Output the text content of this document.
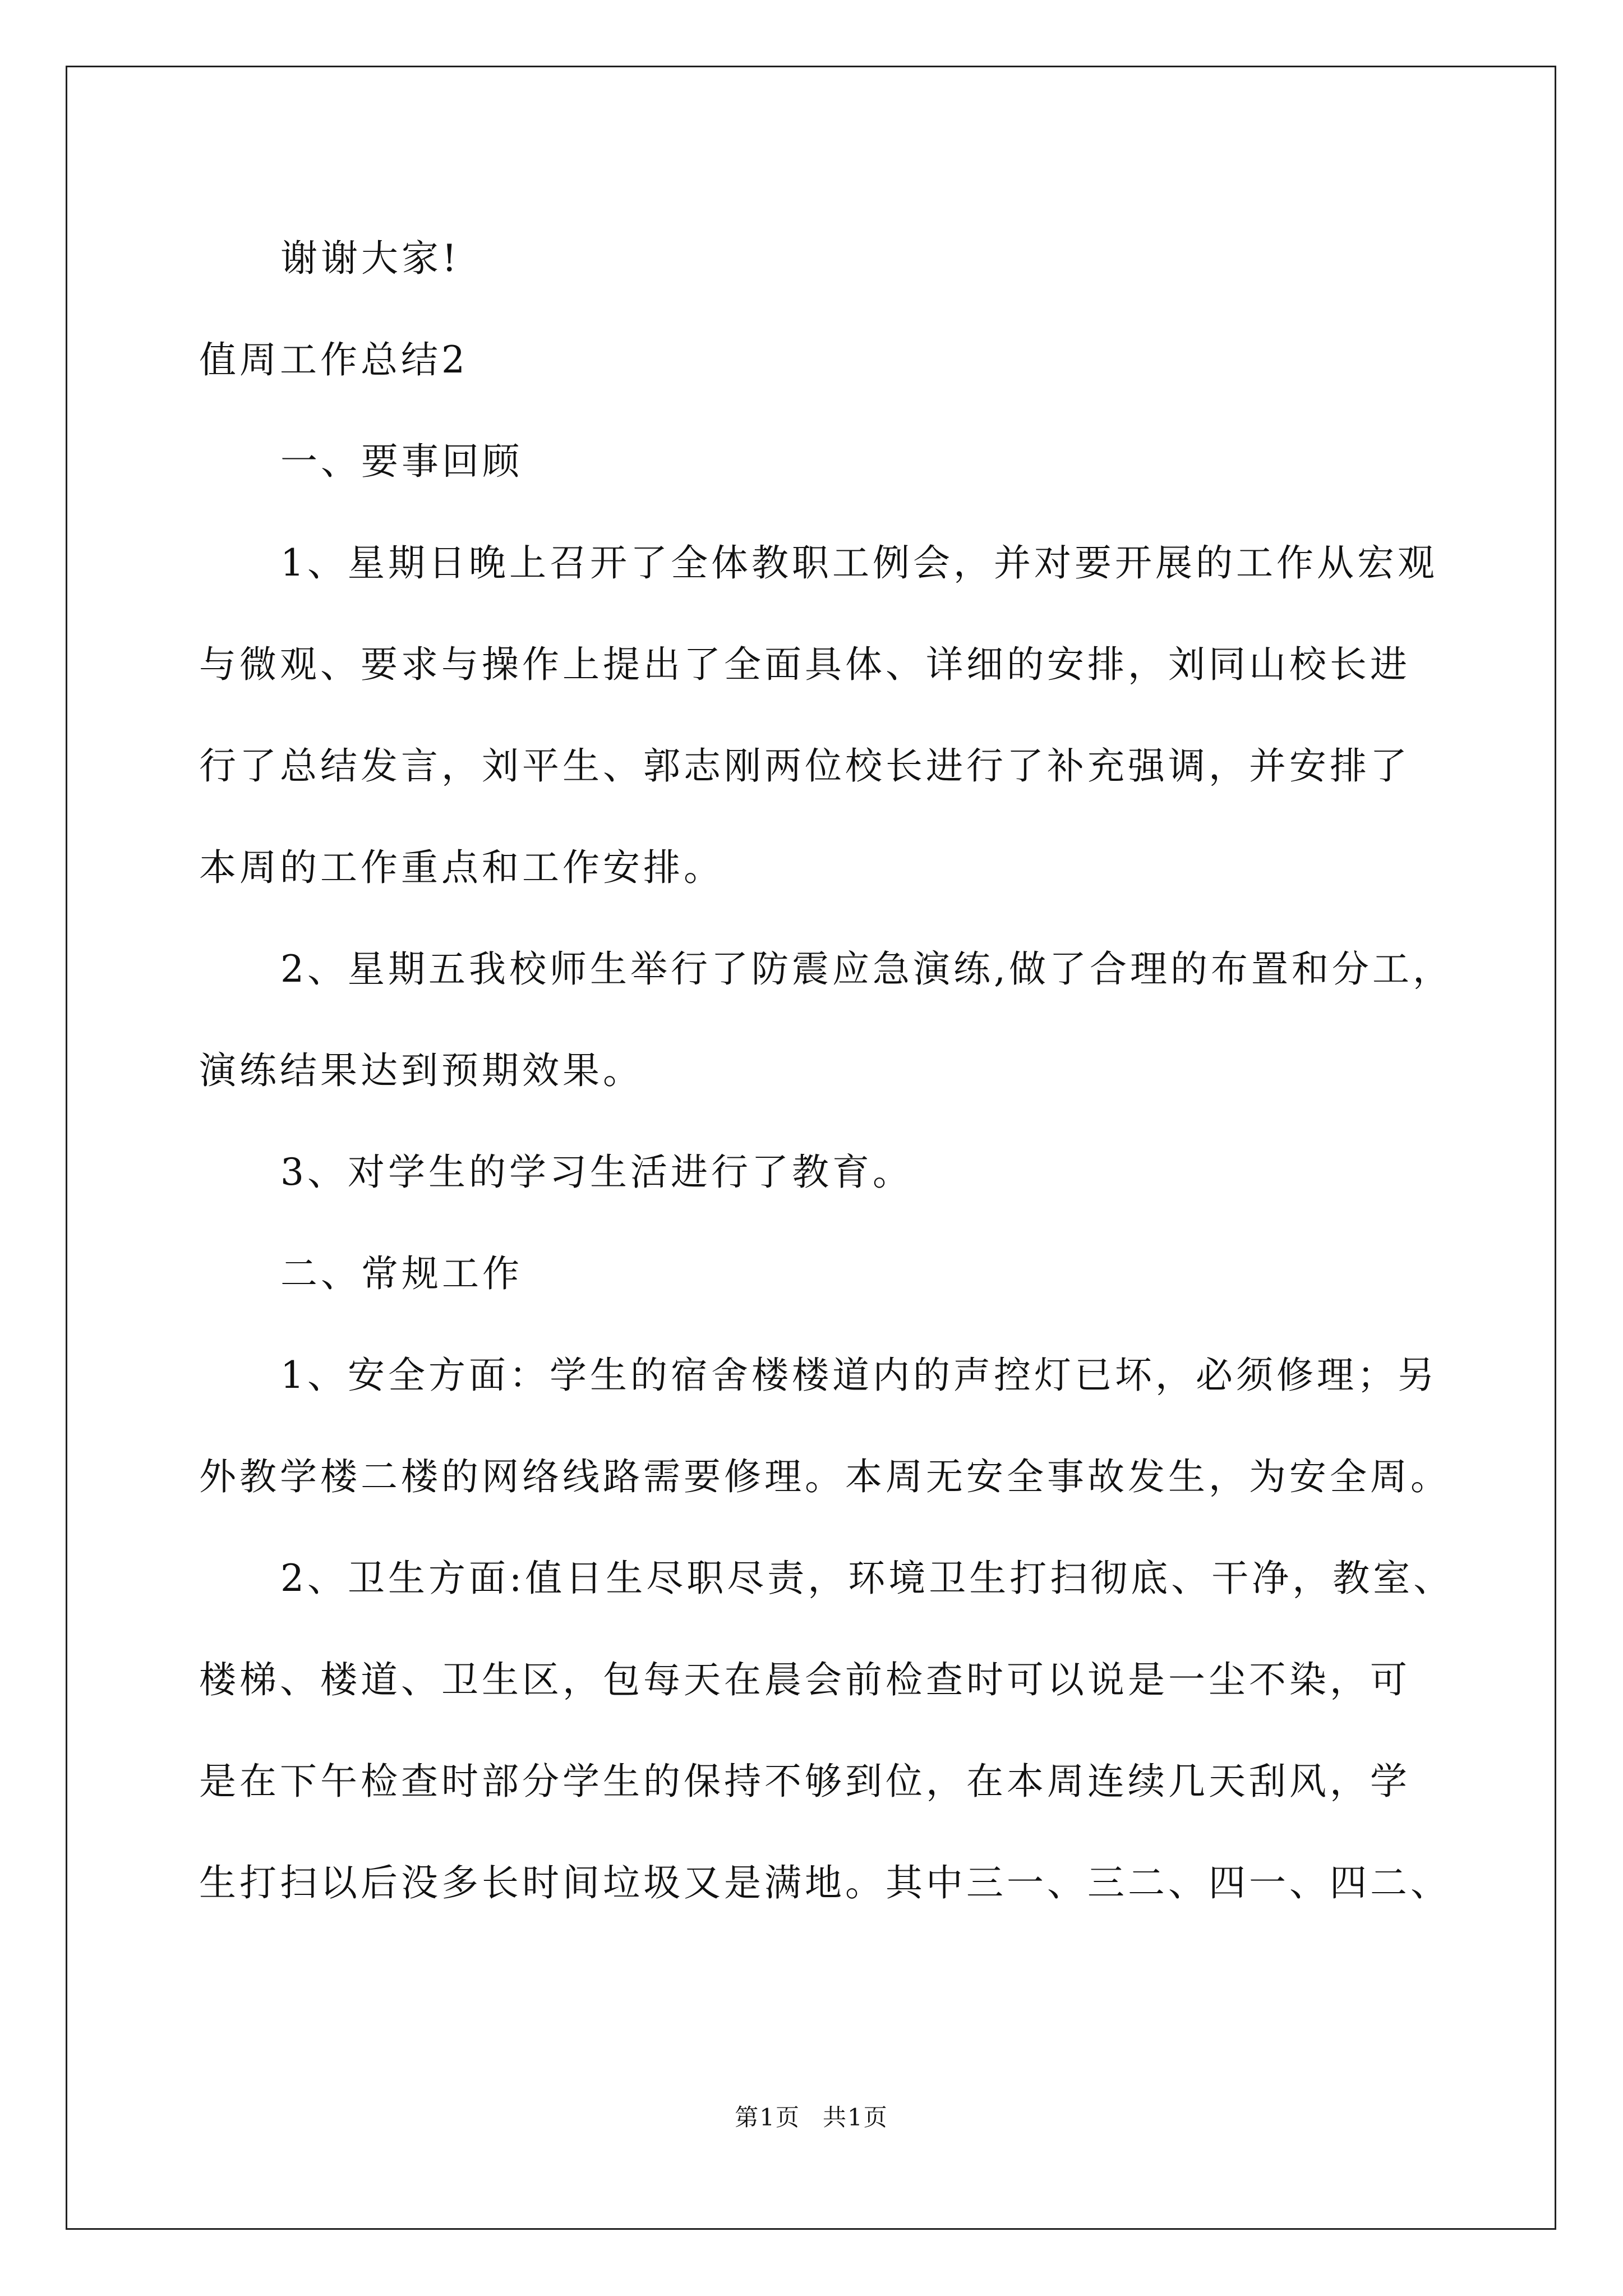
谢谢大家!
值周工作总结2
一、要事回顾
1、星期日晚上召开了全体教职工例会，并对要开展的工作从宏观
与微观、要求与操作上提出了全面具体、详细的安排，刘同山校长进
行了总结发言，刘平生、郭志刚两位校长进行了补充强调，并安排了
本周的工作重点和工作安排。
2、星期五我校师生举行了防震应急演练,做了合理的布置和分工，
演练结果达到预期效果。
3、对学生的学习生活进行了教育。
二、常规工作
1、安全方面：学生的宿舍楼楼道内的声控灯已坏，必须修理；另
外教学楼二楼的网络线路需要修理。本周无安全事故发生，为安全周。
2、卫生方面:值日生尽职尽责，环境卫生打扫彻底、干净，教室、
楼梯、楼道、卫生区，包每天在晨会前检查时可以说是一尘不染，可
是在下午检查时部分学生的保持不够到位，在本周连续几天刮风，学
生打扫以后没多长时间垃圾又是满地。其中三一、三二、四一、四二、
第1页 共1页
